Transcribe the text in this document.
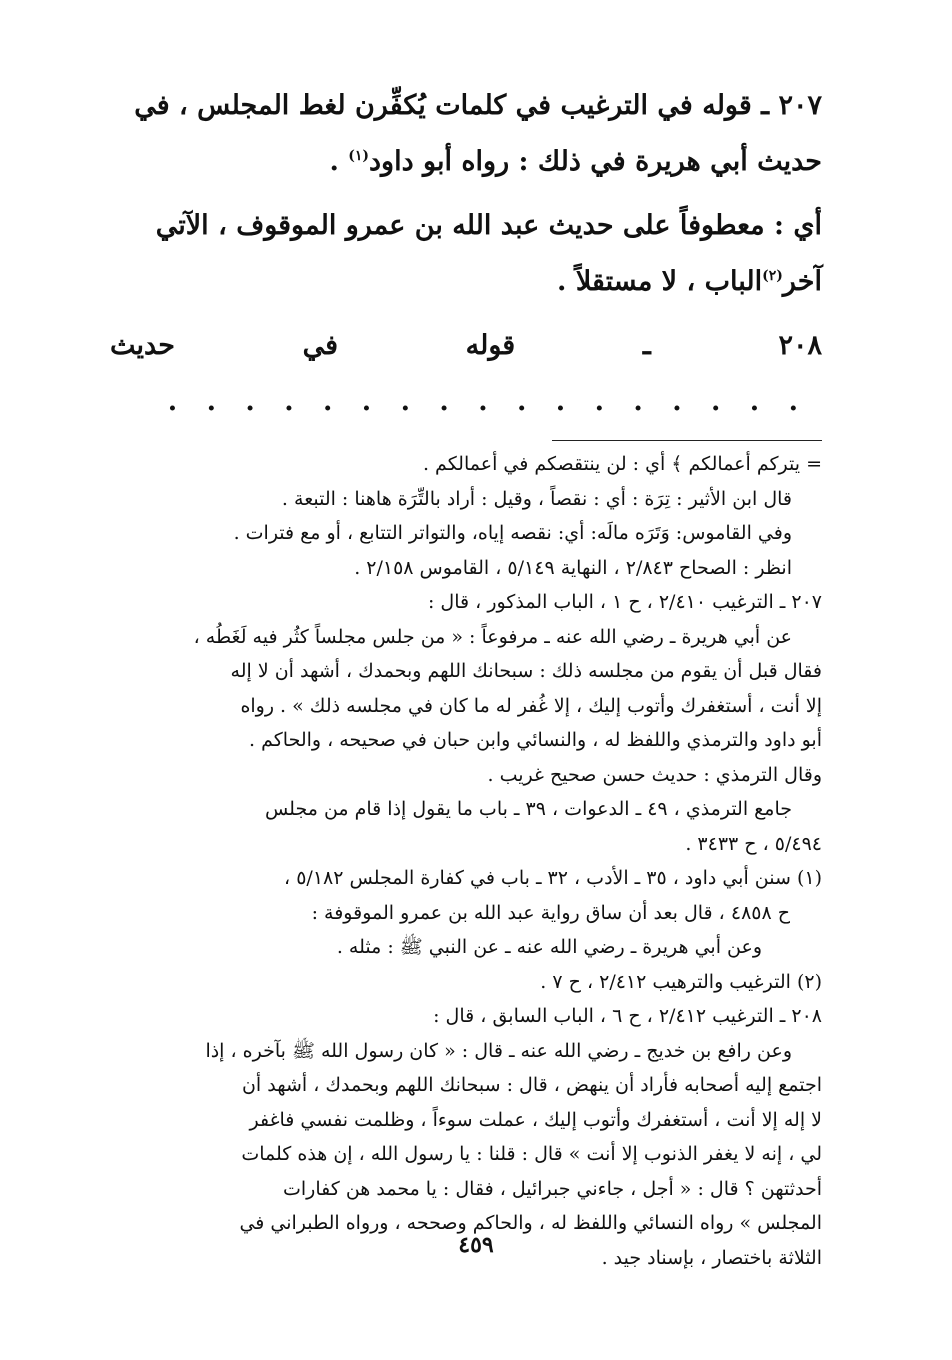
٢٠٧ ـ قوله في الترغيب في كلمات يُكفِّرن لغط المجلس ، في

حديث أبي هريرة في ذلك : رواه أبو داود$^{(١)}$ .

أي : معطوفاً على حديث عبد الله بن عمرو الموقوف ، الآتي

آخر$^{(٢)}$الباب ، لا مستقلاً .

٢٠٨ ـ قوله في حديث. . . . . . . . . . . . . . . . .

= يتركم أعمالكم ﴾ أي : لن ينتقصكم في أعمالكم .

قال ابن الأثير : تِرَة : أي : نقصاً ، وقيل : أراد بالتِّرَة هاهنا : التبعة .

وفي القاموس: وَتَرَه مالَه: أي: نقصه إياه، والتواتر التتابع ، أو مع فترات .

انظر : الصحاح ٢/٨٤٣ ، النهاية ٥/١٤٩ ، القاموس ٢/١٥٨ .

٢٠٧ ـ الترغيب ٢/٤١٠ ، ح ١ ، الباب المذكور ، قال :

عن أبي هريرة ـ رضي الله عنه ـ مرفوعاً : « من جلس مجلساً كثُر فيه لَغَطُه ،

فقال قبل أن يقوم من مجلسه ذلك : سبحانك اللهم وبحمدك ، أشهد أن لا إله

إلا أنت ، أستغفرك وأتوب إليك ، إلا غُفر له ما كان في مجلسه ذلك » . رواه

أبو داود والترمذي واللفظ له ، والنسائي وابن حبان في صحيحه ، والحاكم .

وقال الترمذي : حديث حسن صحيح غريب .

جامع الترمذي ، ٤٩ ـ الدعوات ، ٣٩ ـ باب ما يقول إذا قام من مجلس

٥/٤٩٤ ، ح ٣٤٣٣ .

(١) سنن أبي داود ، ٣٥ ـ الأدب ، ٣٢ ـ باب في كفارة المجلس ٥/١٨٢ ،

ح ٤٨٥٨ ، قال بعد أن ساق رواية عبد الله بن عمرو الموقوفة :

وعن أبي هريرة ـ رضي الله عنه ـ عن النبي ﷺ : مثله .

(٢) الترغيب والترهيب ٢/٤١٢ ، ح ٧ .

٢٠٨ ـ الترغيب ٢/٤١٢ ، ح ٦ ، الباب السابق ، قال :

وعن رافع بن خديج ـ رضي الله عنه ـ قال : « كان رسول الله ﷺ بآخره ، إذا

اجتمع إليه أصحابه فأراد أن ينهض ، قال : سبحانك اللهم وبحمدك ، أشهد أن

لا إله إلا أنت ، أستغفرك وأتوب إليك ، عملت سوءاً ، وظلمت نفسي فاغفر

لي ، إنه لا يغفر الذنوب إلا أنت » قال : قلنا : يا رسول الله ، إن هذه كلمات

أحدثتهن ؟ قال : « أجل ، جاءني جبرائيل ، فقال : يا محمد هن كفارات

المجلس » رواه النسائي واللفظ له ، والحاكم وصححه ، ورواه الطبراني في

الثلاثة باختصار ، بإسناد جيد .

٤٥٩
